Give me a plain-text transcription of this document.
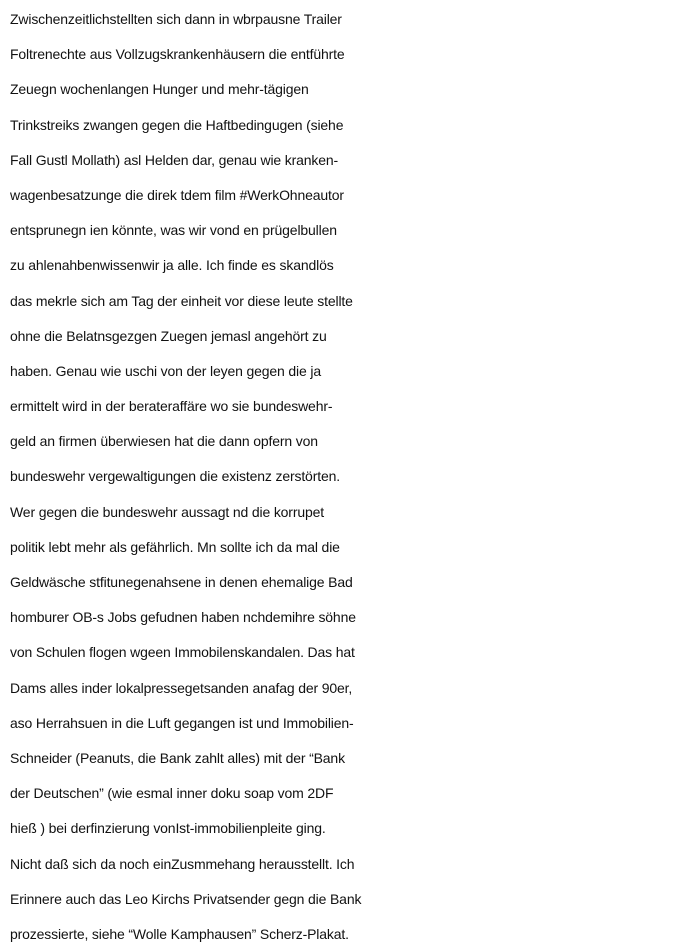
Zwischenzeitlichstellten sich dann in wbrpausne Trailer
Foltrenechte aus Vollzugskrankenhäusern die entführte
Zeuegn wochenlangen Hunger und mehr-tägigen
Trinkstreiks zwangen gegen die Haftbedingugen (siehe
Fall Gustl Mollath) asl Helden dar, genau wie kranken-
wagenbesatzunge die direk tdem film #WerkOhneautor
entsprunegn ien könnte, was wir vond en prügelbullen
zu ahlenahbenwissenwir ja alle. Ich finde es skandlös
das mekrle sich am Tag der einheit vor diese leute stellte
ohne die Belatnsgezgen Zuegen jemasl angehört zu
haben. Genau wie uschi von der leyen gegen die ja
ermittelt wird in der berateraffäre wo sie bundeswehr-
geld an firmen überwiesen hat die dann opfern von
bundeswehr vergewaltigungen die existenz zerstörten.
Wer gegen die bundeswehr aussagt nd die korrupet
politik lebt mehr als gefährlich. Mn sollte ich da mal die
Geldwäsche stfitunegenahsene in denen ehemalige Bad
homburer OB-s Jobs gefudnen haben nchdemihre söhne
von Schulen flogen wgeen Immobilenskandalen. Das hat
Dams alles inder lokalpressegetsanden anafag der 90er,
aso Herrahsuen in die Luft gegangen ist und Immobilien-
Schneider (Peanuts, die Bank zahlt alles) mit der “Bank
der Deutschen” (wie esmal inner doku soap vom 2DF
hieß ) bei derfinzierung vonIst-immobilienpleite ging.
Nicht daß sich da noch einZusmmehang herausstellt. Ich
Erinnere auch das Leo Kirchs Privatsender gegn die Bank
prozessierte, siehe “Wolle Kamphausen” Scherz-Plakat.
